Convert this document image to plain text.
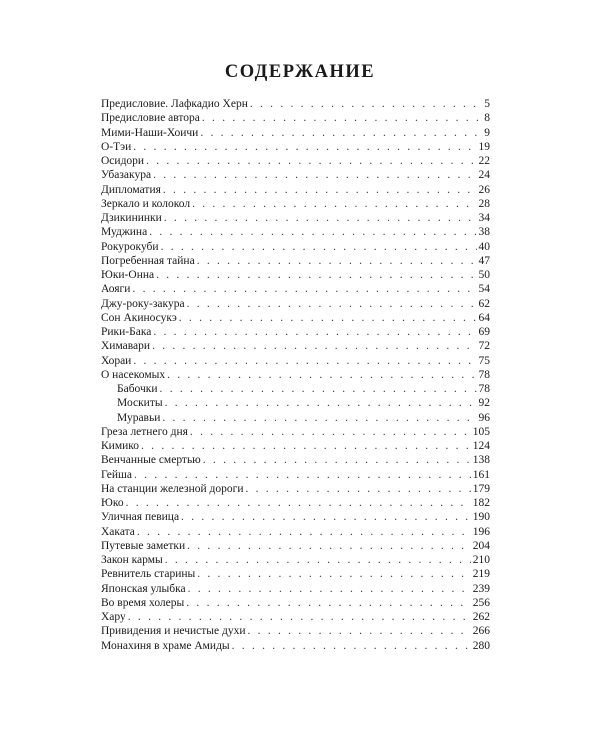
СОДЕРЖАНИЕ
Предисловие. Лафкадио Херн . . .	5
Предисловие автора . . .	8
Мими-Наши-Хоичи . . .	9
О-Тэи . . .	19
Осидори . . .	22
Убазакура . . .	24
Дипломатия . . .	26
Зеркало и колокол . . .	28
Дзикининки . . .	34
Муджина . . .	38
Рокурокуби . . .	40
Погребенная тайна . . .	47
Юки-Онна . . .	50
Аояги . . .	54
Джу-року-закура . . .	62
Сон Акиносукэ . . .	64
Рики-Бака . . .	69
Химавари . . .	72
Хораи . . .	75
О насекомых . . .	78
Бабочки . . .	78
Москиты . . .	92
Муравьи . . .	96
Греза летнего дня . . .	105
Кимико . . .	124
Венчанные смертью . . .	138
Гейша . . .	161
На станции железной дороги . . .	179
Юко . . .	182
Уличная певица . . .	190
Хаката . . .	196
Путевые заметки . . .	204
Закон кармы . . .	210
Ревнитель старины . . .	219
Японская улыбка . . .	239
Во время холеры . . .	256
Хару . . .	262
Привидения и нечистые духи . . .	266
Монахиня в храме Амиды . . .	280
